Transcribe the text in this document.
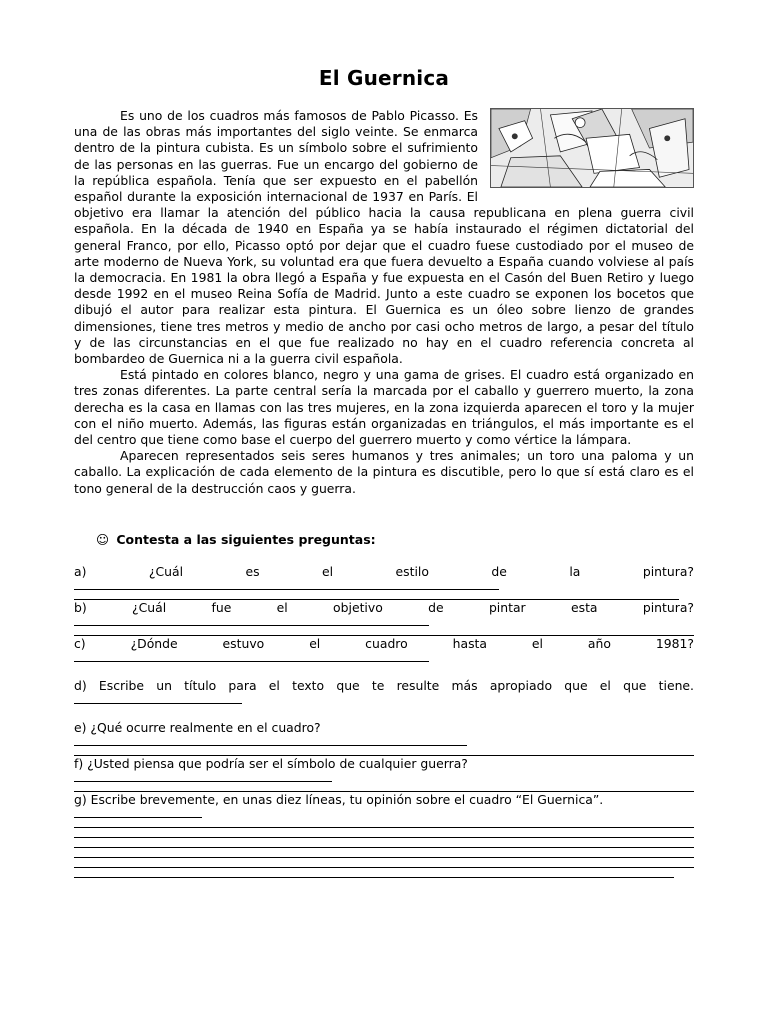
El Guernica

Es uno de los cuadros más famosos de Pablo Picasso. Es una de las obras más importantes del siglo veinte. Se enmarca dentro de la pintura cubista. Es un símbolo sobre el sufrimiento de las personas en las guerras. Fue un encargo del gobierno de la república española. Tenía que ser expuesto en el pabellón español durante la exposición internacional de 1937 en París. El objetivo era llamar la atención del público hacia la causa republicana en plena guerra civil española. En la década de 1940 en España ya se había instaurado el régimen dictatorial del general Franco, por ello, Picasso optó por dejar que el cuadro fuese custodiado por el museo de arte moderno de Nueva York, su voluntad era que fuera devuelto a España cuando volviese al país la democracia. En 1981 la obra llegó a España y fue expuesta en el Casón del Buen Retiro y luego desde 1992 en el museo Reina Sofía de Madrid. Junto a este cuadro se exponen los bocetos que dibujó el autor para realizar esta pintura. El Guernica es un óleo sobre lienzo de grandes dimensiones, tiene tres metros y medio de ancho por casi ocho metros de largo, a pesar del título y de las circunstancias en el que fue realizado no hay en el cuadro referencia concreta al bombardeo de Guernica ni a la guerra civil española.

Está pintado en colores blanco, negro y una gama de grises. El cuadro está organizado en tres zonas diferentes. La parte central sería la marcada por el caballo y guerrero muerto, la zona derecha es la casa en llamas con las tres mujeres, en la zona izquierda aparecen el toro y la mujer con el niño muerto. Además, las figuras están organizadas en triángulos, el más importante es el del centro que tiene como base el cuerpo del guerrero muerto y como vértice la lámpara.

Aparecen representados seis seres humanos y tres animales; un toro una paloma y un caballo. La explicación de cada elemento de la pintura es discutible, pero lo que sí está claro es el tono general de la destrucción caos y guerra.

☺ Contesta a las siguientes preguntas:
a) ¿Cuál es el estilo de la pintura?
b) ¿Cuál fue el objetivo de pintar esta pintura?
c) ¿Dónde estuvo el cuadro hasta el año 1981?
d) Escribe un título para el texto que te resulte más apropiado que el que tiene.
e) ¿Qué ocurre realmente en el cuadro?
f) ¿Usted piensa que podría ser el símbolo de cualquier guerra?
g) Escribe brevemente, en unas diez líneas, tu opinión sobre el cuadro “El Guernica”.
